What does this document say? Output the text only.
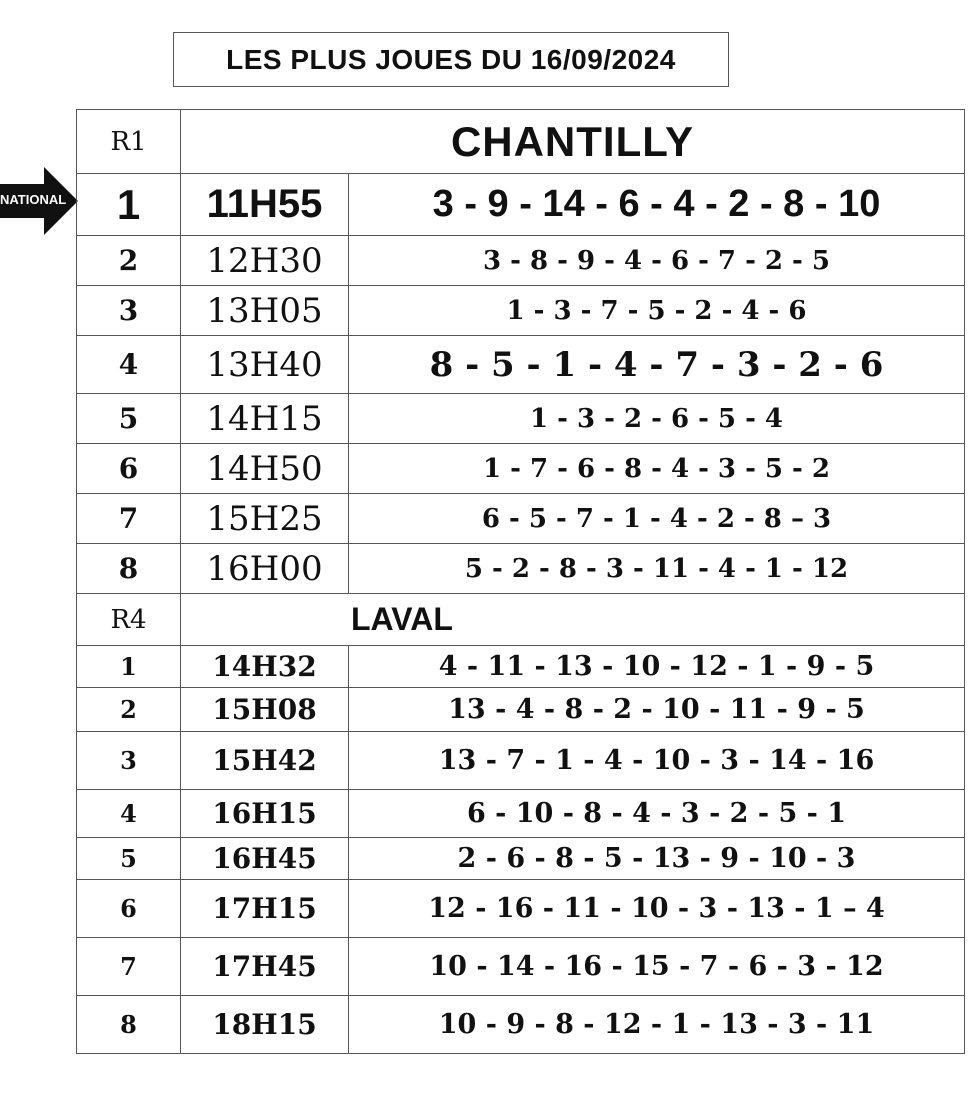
LES PLUS JOUES DU 16/09/2024
NATIONAL
R1	CHANTILLY	
1	11H55	3 - 9 - 14 - 6 - 4 - 2 - 8 - 10
2	12H30	3 - 8 - 9 - 4 - 6 - 7 - 2 - 5
3	13H05	1 - 3 - 7 - 5 - 2 - 4 - 6
4	13H40	8 - 5 - 1 - 4 - 7 - 3 - 2 - 6
5	14H15	1 - 3 - 2 - 6 - 5 - 4
6	14H50	1 - 7 - 6 - 8 - 4 - 3 - 5 - 2
7	15H25	6 - 5 - 7 - 1 - 4 - 2 - 8 – 3
8	16H00	5 - 2 - 8 - 3 - 11 - 4 - 1 - 12
R4	LAVAL	
1	14H32	4 - 11 - 13 - 10 - 12 - 1 - 9 - 5
2	15H08	13 - 4 - 8 - 2 - 10 - 11 - 9 - 5
3	15H42	13 - 7 - 1 - 4 - 10 - 3 - 14 - 16
4	16H15	6 - 10 - 8 - 4 - 3 - 2 - 5 - 1
5	16H45	2 - 6 - 8 - 5 - 13 - 9 - 10 - 3
6	17H15	12 - 16 - 11 - 10 - 3 - 13 - 1 – 4
7	17H45	10 - 14 - 16 - 15 - 7 - 6 - 3 - 12
8	18H15	10 - 9 - 8 - 12 - 1 - 13 - 3 - 11
